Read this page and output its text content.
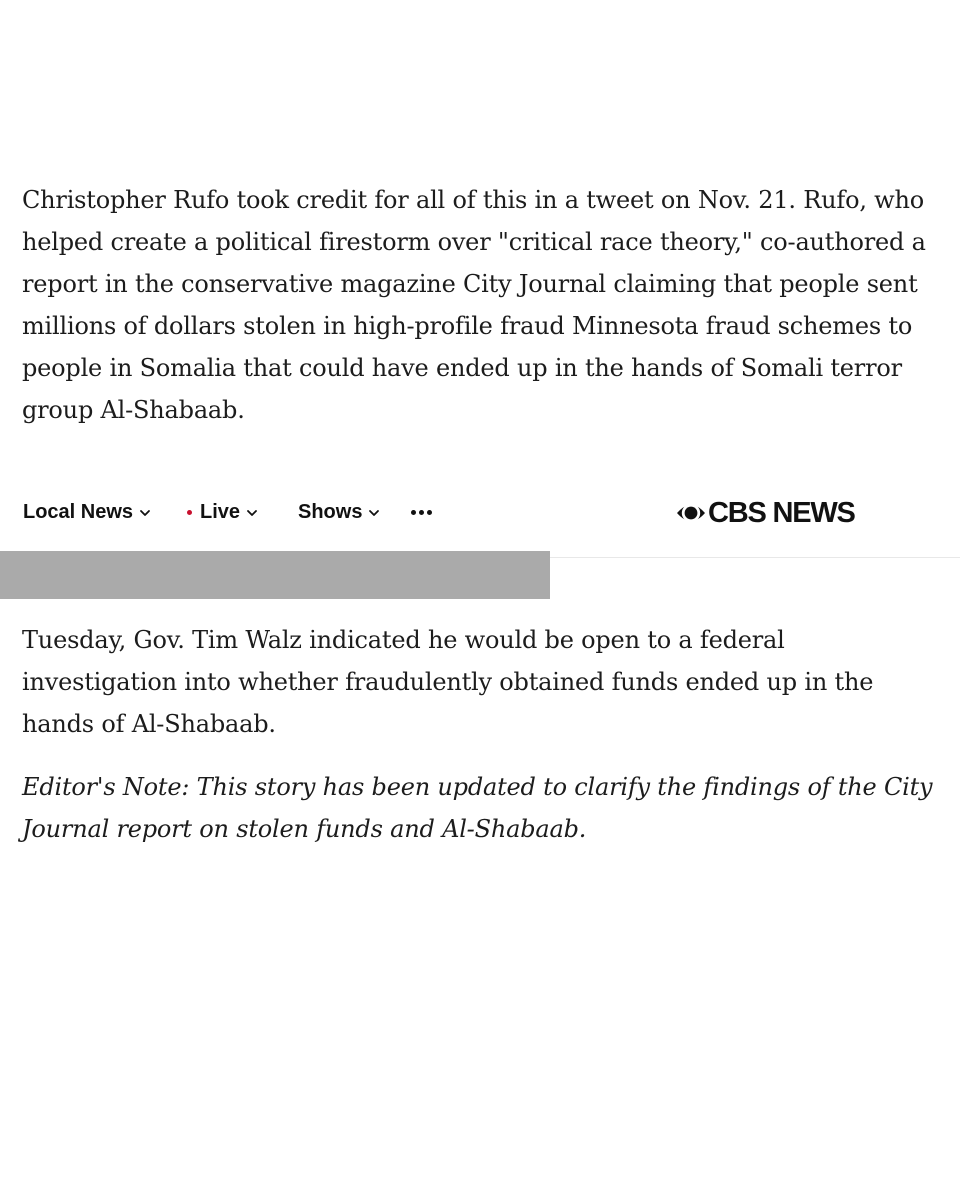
Christopher Rufo took credit for all of this in a tweet on Nov. 21. Rufo, who helped create a political firestorm over "critical race theory," co-authored a report in the conservative magazine City Journal claiming that people sent millions of dollars stolen in high-profile fraud Minnesota fraud schemes to people in Somalia that could have ended up in the hands of Somali terror group Al-Shabaab.

Local News	Live	Shows	CBS NEWS

Tuesday, Gov. Tim Walz indicated he would be open to a federal investigation into whether fraudulently obtained funds ended up in the hands of Al-Shabaab.

Editor's Note: This story has been updated to clarify the findings of the City Journal report on stolen funds and Al-Shabaab.
